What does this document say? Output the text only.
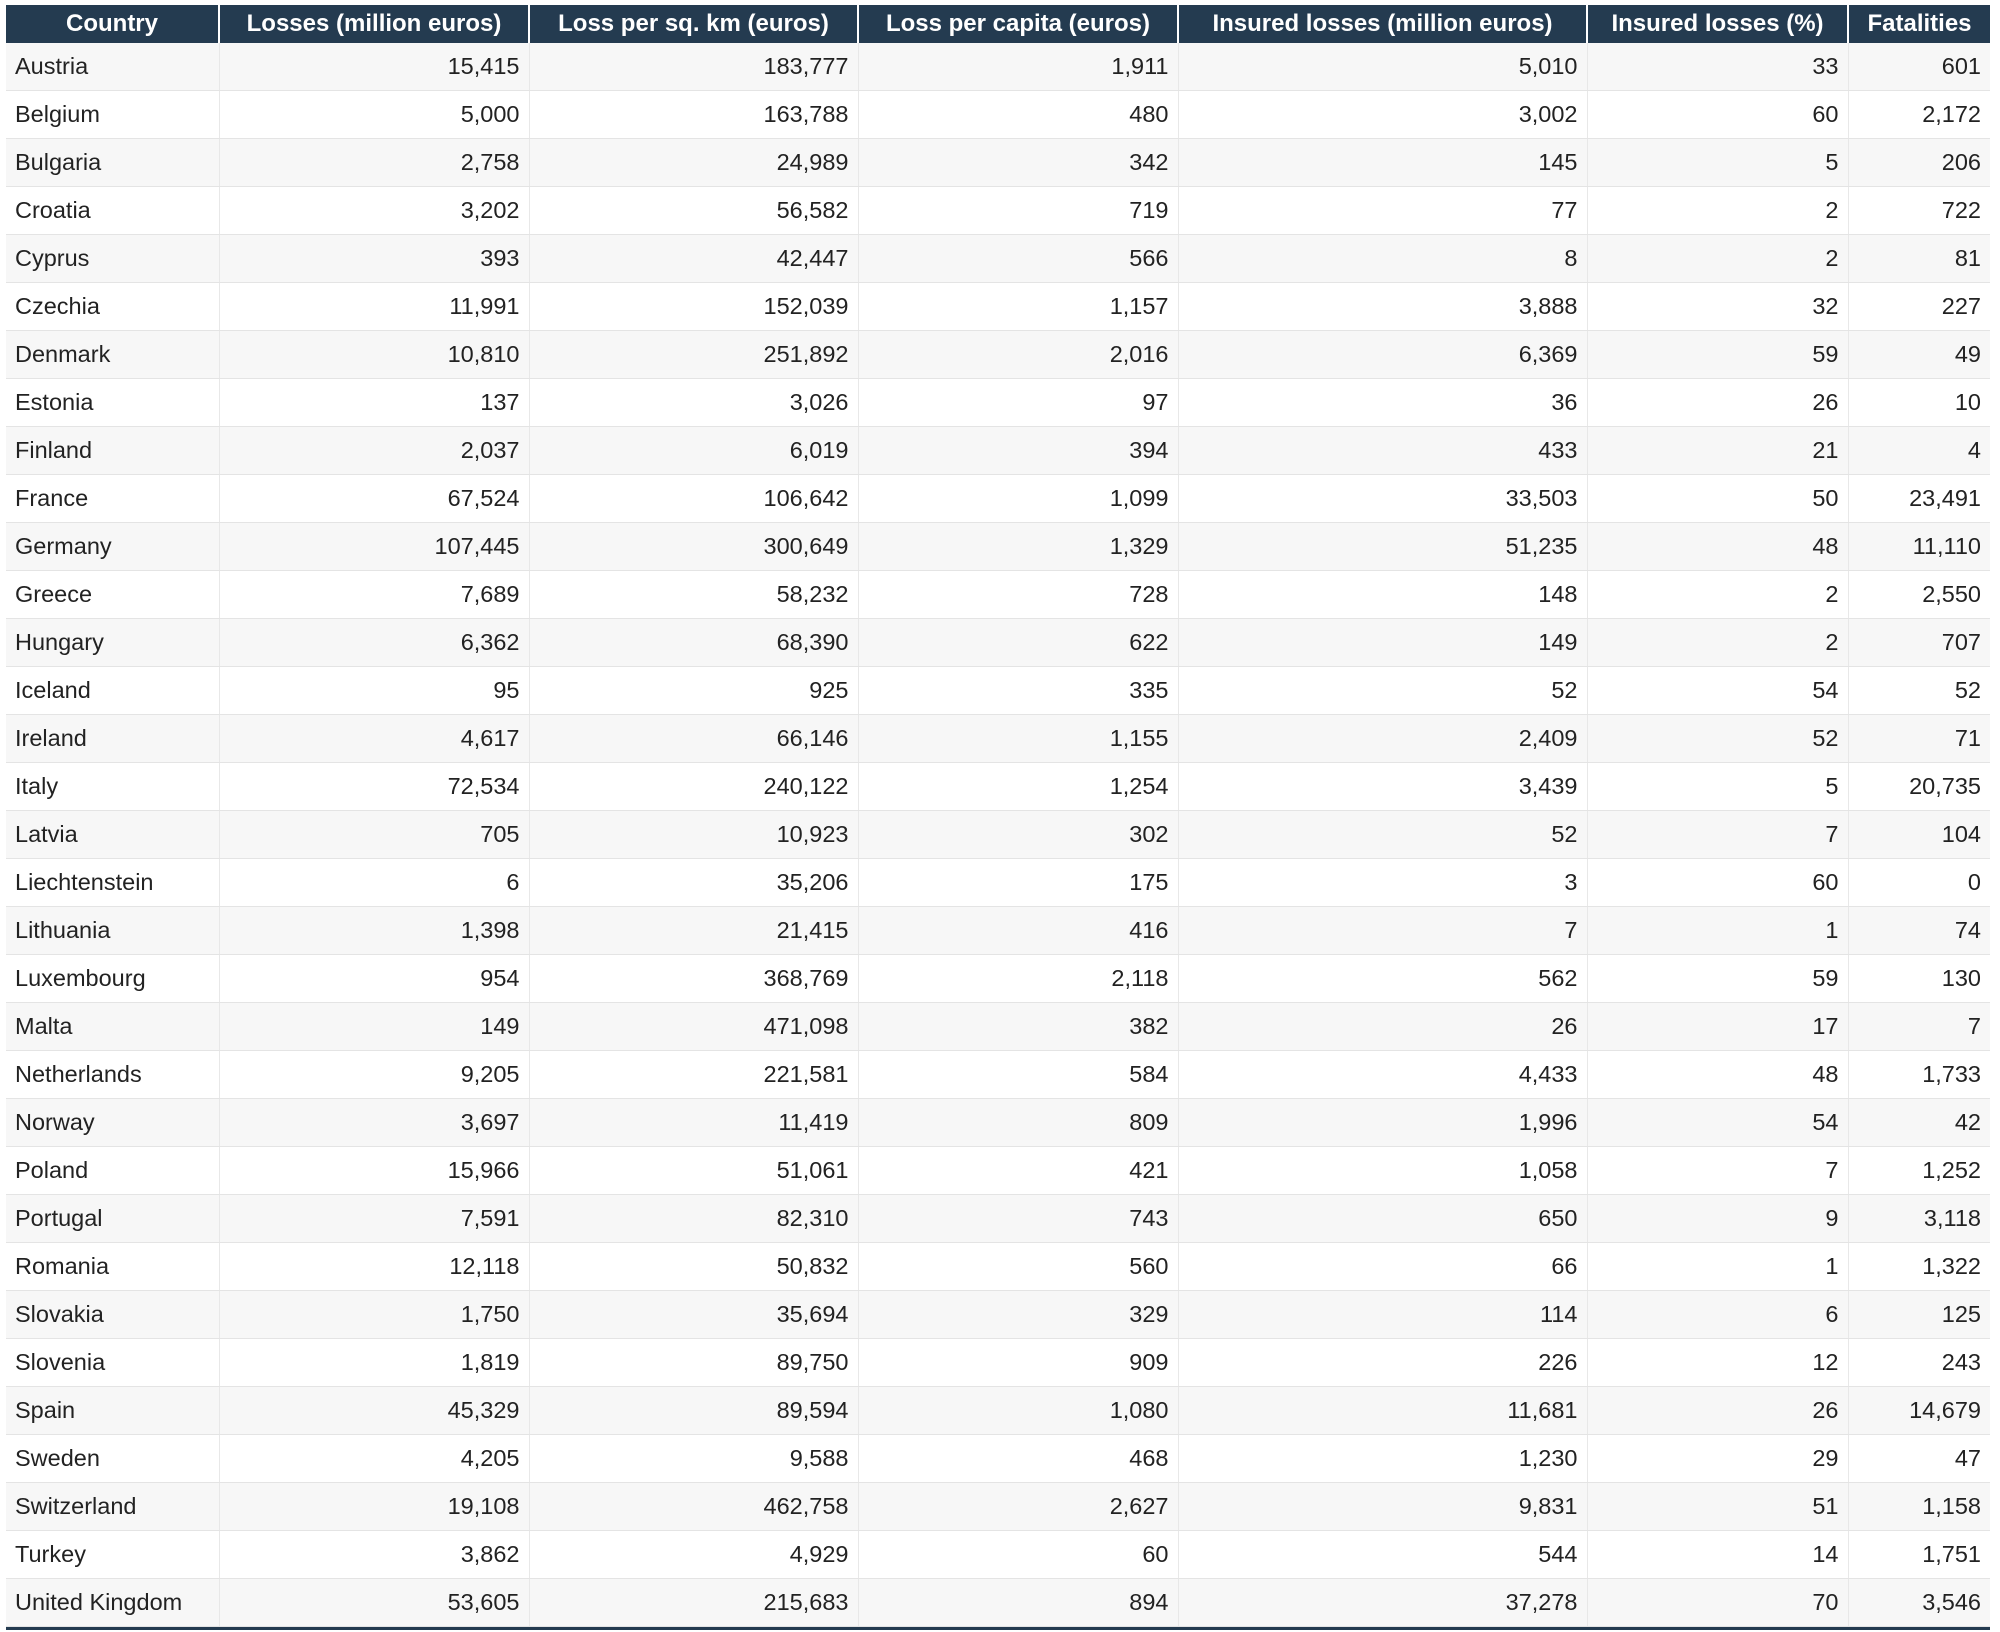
Country	Losses (million euros)	Loss per sq. km (euros)	Loss per capita (euros)	Insured losses (million euros)	Insured losses (%)	Fatalities
Austria	15,415	183,777	1,911	5,010	33	601
Belgium	5,000	163,788	480	3,002	60	2,172
Bulgaria	2,758	24,989	342	145	5	206
Croatia	3,202	56,582	719	77	2	722
Cyprus	393	42,447	566	8	2	81
Czechia	11,991	152,039	1,157	3,888	32	227
Denmark	10,810	251,892	2,016	6,369	59	49
Estonia	137	3,026	97	36	26	10
Finland	2,037	6,019	394	433	21	4
France	67,524	106,642	1,099	33,503	50	23,491
Germany	107,445	300,649	1,329	51,235	48	11,110
Greece	7,689	58,232	728	148	2	2,550
Hungary	6,362	68,390	622	149	2	707
Iceland	95	925	335	52	54	52
Ireland	4,617	66,146	1,155	2,409	52	71
Italy	72,534	240,122	1,254	3,439	5	20,735
Latvia	705	10,923	302	52	7	104
Liechtenstein	6	35,206	175	3	60	0
Lithuania	1,398	21,415	416	7	1	74
Luxembourg	954	368,769	2,118	562	59	130
Malta	149	471,098	382	26	17	7
Netherlands	9,205	221,581	584	4,433	48	1,733
Norway	3,697	11,419	809	1,996	54	42
Poland	15,966	51,061	421	1,058	7	1,252
Portugal	7,591	82,310	743	650	9	3,118
Romania	12,118	50,832	560	66	1	1,322
Slovakia	1,750	35,694	329	114	6	125
Slovenia	1,819	89,750	909	226	12	243
Spain	45,329	89,594	1,080	11,681	26	14,679
Sweden	4,205	9,588	468	1,230	29	47
Switzerland	19,108	462,758	2,627	9,831	51	1,158
Turkey	3,862	4,929	60	544	14	1,751
United Kingdom	53,605	215,683	894	37,278	70	3,546
